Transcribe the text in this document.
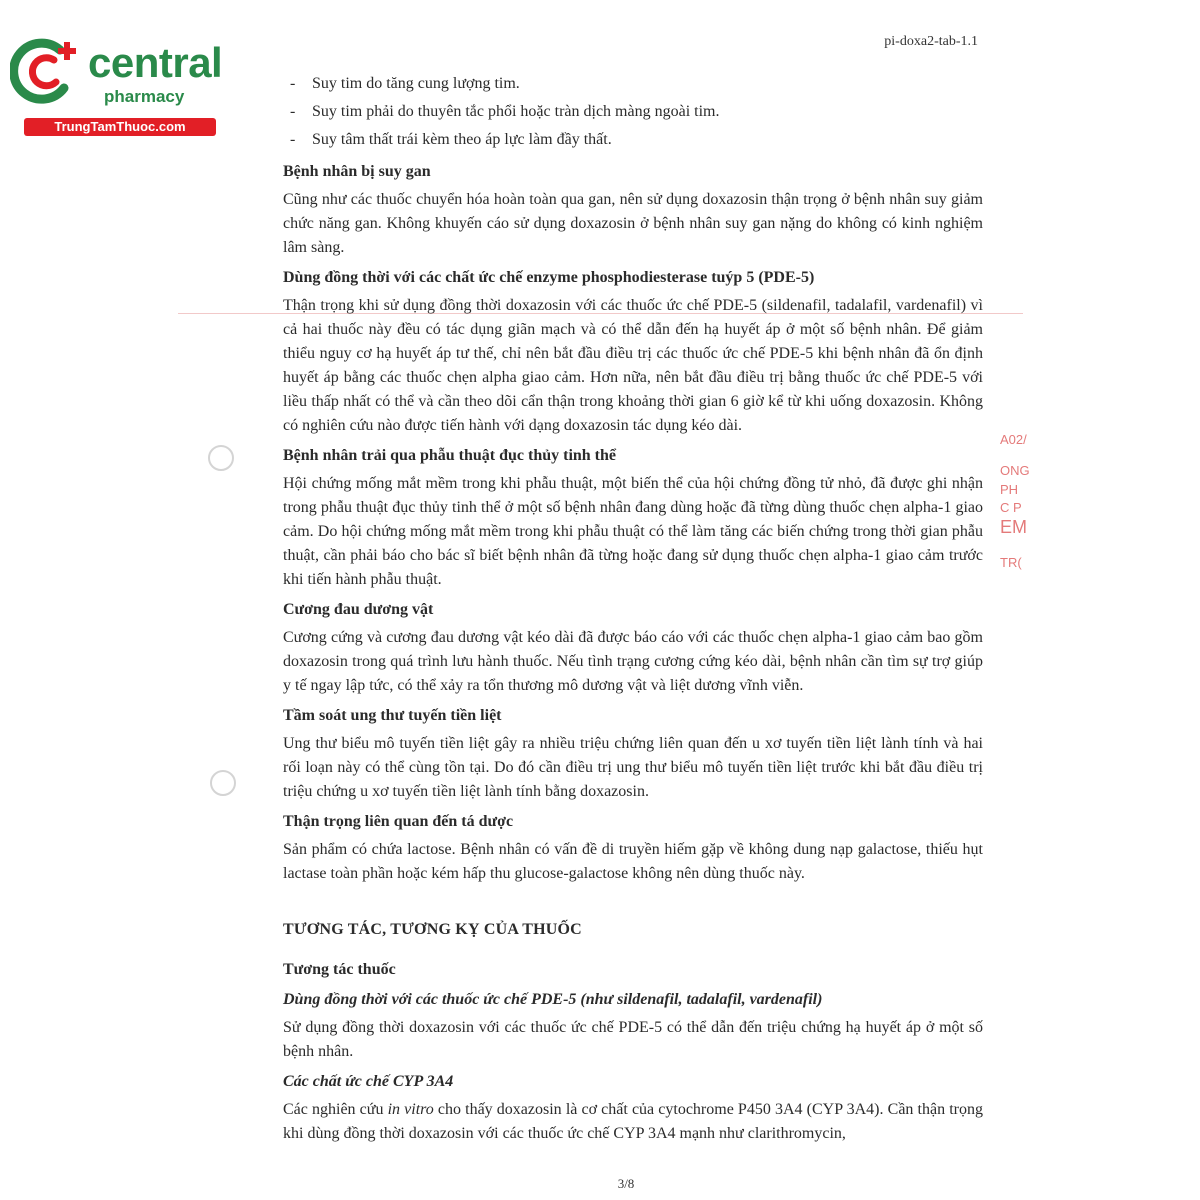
central
pharmacy
TrungTamThuoc.com
pi-doxa2-tab-1.1
A02/
ONG
PH
C P
EM
TR(

-	Suy tim do tăng cung lượng tim.

-	Suy tim phải do thuyên tắc phổi hoặc tràn dịch màng ngoài tim.

-	Suy tâm thất trái kèm theo áp lực làm đầy thất.

Bệnh nhân bị suy gan

Cũng như các thuốc chuyển hóa hoàn toàn qua gan, nên sử dụng doxazosin thận trọng ở bệnh nhân suy giảm chức năng gan. Không khuyến cáo sử dụng doxazosin ở bệnh nhân suy gan nặng do không có kinh nghiệm lâm sàng.

Dùng đồng thời với các chất ức chế enzyme phosphodiesterase tuýp 5 (PDE-5)

Thận trọng khi sử dụng đồng thời doxazosin với các thuốc ức chế PDE-5 (sildenafil, tadalafil, vardenafil) vì cả hai thuốc này đều có tác dụng giãn mạch và có thể dẫn đến hạ huyết áp ở một số bệnh nhân. Để giảm thiểu nguy cơ hạ huyết áp tư thế, chỉ nên bắt đầu điều trị các thuốc ức chế PDE-5 khi bệnh nhân đã ổn định huyết áp bằng các thuốc chẹn alpha giao cảm. Hơn nữa, nên bắt đầu điều trị bằng thuốc ức chế PDE-5 với liều thấp nhất có thể và cần theo dõi cẩn thận trong khoảng thời gian 6 giờ kể từ khi uống doxazosin. Không có nghiên cứu nào được tiến hành với dạng doxazosin tác dụng kéo dài.

Bệnh nhân trải qua phẫu thuật đục thủy tinh thể

Hội chứng mống mắt mềm trong khi phẫu thuật, một biến thể của hội chứng đồng tử nhỏ, đã được ghi nhận trong phẫu thuật đục thủy tinh thể ở một số bệnh nhân đang dùng hoặc đã từng dùng thuốc chẹn alpha-1 giao cảm. Do hội chứng mống mắt mềm trong khi phẫu thuật có thể làm tăng các biến chứng trong thời gian phẫu thuật, cần phải báo cho bác sĩ biết bệnh nhân đã từng hoặc đang sử dụng thuốc chẹn alpha-1 giao cảm trước khi tiến hành phẫu thuật.

Cương đau dương vật

Cương cứng và cương đau dương vật kéo dài đã được báo cáo với các thuốc chẹn alpha-1 giao cảm bao gồm doxazosin trong quá trình lưu hành thuốc. Nếu tình trạng cương cứng kéo dài, bệnh nhân cần tìm sự trợ giúp y tế ngay lập tức, có thể xảy ra tổn thương mô dương vật và liệt dương vĩnh viễn.

Tầm soát ung thư tuyến tiền liệt

Ung thư biểu mô tuyến tiền liệt gây ra nhiều triệu chứng liên quan đến u xơ tuyến tiền liệt lành tính và hai rối loạn này có thể cùng tồn tại. Do đó cần điều trị ung thư biểu mô tuyến tiền liệt trước khi bắt đầu điều trị triệu chứng u xơ tuyến tiền liệt lành tính bằng doxazosin.

Thận trọng liên quan đến tá dược

Sản phẩm có chứa lactose. Bệnh nhân có vấn đề di truyền hiếm gặp về không dung nạp galactose, thiếu hụt lactase toàn phần hoặc kém hấp thu glucose-galactose không nên dùng thuốc này.

TƯƠNG TÁC, TƯƠNG KỴ CỦA THUỐC

Tương tác thuốc

Dùng đồng thời với các thuốc ức chế PDE-5 (như sildenafil, tadalafil, vardenafil)

Sử dụng đồng thời doxazosin với các thuốc ức chế PDE-5 có thể dẫn đến triệu chứng hạ huyết áp ở một số bệnh nhân.

Các chất ức chế CYP 3A4

Các nghiên cứu in vitro cho thấy doxazosin là cơ chất của cytochrome P450 3A4 (CYP 3A4). Cần thận trọng khi dùng đồng thời doxazosin với các thuốc ức chế CYP 3A4 mạnh như clarithromycin,

3/8
